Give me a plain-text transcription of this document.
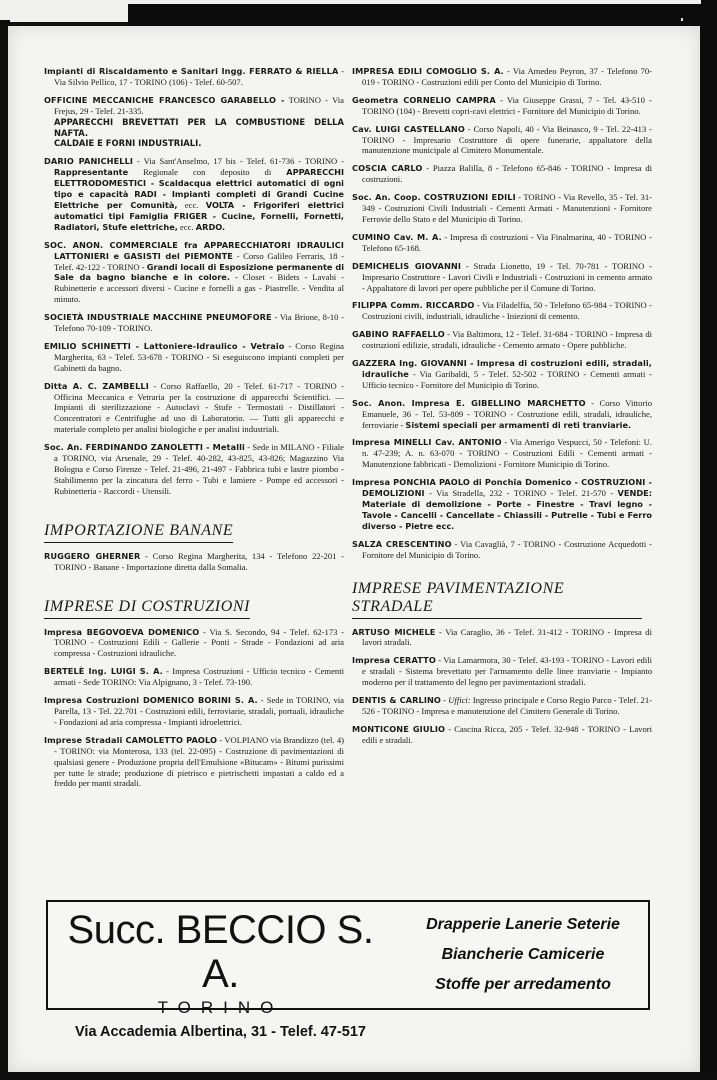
Impianti di Riscaldamento e Sanitari Ingg. FERRATO & RIELLA - Via Silvio Pellico, 17 - TORINO (106) - Telef. 60-507.
OFFICINE MECCANICHE FRANCESCO GARABELLO - TORINO - Via Frejus, 29 - Telef. 21-335.
APPARECCHI BREVETTATI PER LA COMBUSTIONE DELLA NAFTA.
CALDAIE E FORNI INDUSTRIALI.
DARIO PANICHELLI - Via Sant'Anselmo, 17 bis - Telef. 61-736 - TORINO - Rappresentante Regionale con deposito di APPARECCHI ELETTRODOMESTICI - Scaldacqua elettrici automatici di ogni tipo e capacità RADI - Impianti completi di Grandi Cucine Elettriche per Comunità, ecc. VOLTA - Frigoriferi elettrici automatici tipi Famiglia FRIGER - Cucine, Fornelli, Fornetti, Radiatori, Stufe elettriche, ecc. ARDO.
SOC. ANON. COMMERCIALE fra APPARECCHIATORI IDRAULICI LATTONIERI e GASISTI del PIEMONTE - Corso Galileo Ferraris, 18 - Telef. 42-122 - TORINO - Grandi locali di Esposizione permanente di Sale da bagno bianche e in colore. - Closet - Bidets - Lavabi - Rubinetterie e accessori diversi - Cucine e fornelli a gas - Piastrelle. - Vendita al minuto.
SOCIETÀ INDUSTRIALE MACCHINE PNEUMOFORE - Via Brione, 8-10 - Telefono 70-109 - TORINO.
EMILIO SCHINETTI - Lattoniere-Idraulico - Vetraio - Corso Regina Margherita, 63 - Telef. 53-678 - TORINO - Si eseguiscono impianti completi per Gabinetti da bagno.
Ditta A. C. ZAMBELLI - Corso Raffaello, 20 - Telef. 61-717 - TORINO - Officina Meccanica e Vetraria per la costruzione di apparecchi Scientifici. — Impianti di sterilizzazione - Autoclavi - Stufe - Termostati - Distillatori - Concentratori e Centrifughe ad uso di Laboratorio. — Tutti gli apparecchi e materiale completo per analisi biologiche e per analisi industriali.
Soc. An. FERDINANDO ZANOLETTI - Metalli - Sede in MILANO - Filiale a TORINO, via Arsenale, 29 - Telef. 40-282, 43-825, 43-826; Magazzino Via Bologna e Corso Firenze - Telef. 21-496, 21-497 - Fabbrica tubi e lastre piombo - Stabilimento per la zincatura del ferro - Tubi e lamiere - Pompe ed accessori - Rubinetteria - Raccordi - Utensili.
IMPORTAZIONE BANANE
RUGGERO GHERNER - Corso Regina Margherita, 134 - Telefono 22-201 - TORINO - Banane - Importazione diretta dalla Somalia.
IMPRESE DI COSTRUZIONI
Impresa BEGOVOEVA DOMENICO - Via S. Secondo, 94 - Telef. 62-173 - TORINO - Costruzioni Edili - Gallerie - Ponti - Strade - Fondazioni ad aria compressa - Costruzioni idrauliche.
BERTELÈ Ing. LUIGI S. A. - Impresa Costruzioni - Ufficio tecnico - Cementi armati - Sede TORINO: Via Alpignano, 3 - Telef. 73-190.
Impresa Costruzioni DOMENICO BORINI S. A. - Sede in TORINO, via Parella, 13 - Tel. 22.701 - Costruzioni edili, ferroviarie, stradali, portuali, idrauliche - Fondazioni ad aria compressa - Impianti idroelettrici.
Imprese Stradali CAMOLETTO PAOLO - VOLPIANO via Brandizzo (tel. 4) - TORINO: via Monterosa, 133 (tel. 22-095) - Costruzione di pavimentazioni di qualsiasi genere - Produzione propria dell'Emulsione «Bitucam» - Bitumi purissimi per tutte le strade; produzione di pietrisco e pietrischetti impastati a caldo ed a freddo per manti stradali.
IMPRESA EDILI COMOGLIO S. A. - Via Amedeo Peyron, 37 - Telefono 70-019 - TORINO - Costruzioni edili per Conto del Municipio di Torino.
Geometra CORNELIO CAMPRA - Via Giuseppe Grassi, 7 - Tel. 43-510 - TORINO (104) - Brevetti copri-cavi elettrici - Fornitore del Municipio di Torino.
Cav. LUIGI CASTELLANO - Corso Napoli, 40 - Via Beinasco, 9 - Tel. 22-413 - TORINO - Impresario Costruttore di opere funerarie, appaltatore della manutenzione municipale al Cimitero Monumentale.
COSCIA CARLO - Piazza Balilla, 8 - Telefono 65-846 - TORINO - Impresa di costruzioni.
Soc. An. Coop. COSTRUZIONI EDILI - TORINO - Via Revello, 35 - Tel. 31-349 - Costruzioni Civili Industriali - Cementi Armati - Manutenzioni - Fornitore Ferrovie dello Stato e del Municipio di Torino.
CUMINO Cav. M. A. - Impresa di costruzioni - Via Finalmarina, 40 - TORINO - Telefono 65-168.
DEMICHELIS GIOVANNI - Strada Lionetto, 19 - Tel. 70-781 - TORINO - Impresario Costruttore - Lavori Civili e Industriali - Costruzioni in cemento armato - Appaltatore di lavori per opere pubbliche per il Comune di Torino.
FILIPPA Comm. RICCARDO - Via Filadelfia, 50 - Telefono 65-984 - TORINO - Costruzioni civili, industriali, idrauliche - Iniezioni di cemento.
GABINO RAFFAELLO - Via Baltimora, 12 - Telef. 31-684 - TORINO - Impresa di costruzioni edilizie, stradali, idrauliche - Cemento armato - Opere pubbliche.
GAZZERA Ing. GIOVANNI - Impresa di costruzioni edili, stradali, idrauliche - Via Garibaldi, 5 - Telef. 52-502 - TORINO - Cementi armati - Ufficio tecnico - Fornitore del Municipio di Torino.
Soc. Anon. Impresa E. GIBELLINO MARCHETTO - Corso Vittorio Emanuele, 36 - Tel. 53-809 - TORINO - Costruzione edili, stradali, idrauliche, ferroviarie - Sistemi speciali per armamenti di reti tranviarie.
Impresa MINELLI Cav. ANTONIO - Via Amerigo Vespucci, 50 - Telefoni: U. n. 47-239; A. n. 63-070 - TORINO - Costruzioni Edili - Cementi armati - Manutenzione fabbricati - Demolizioni - Fornitore Municipio di Torino.
Impresa PONCHIA PAOLO di Ponchia Domenico - COSTRUZIONI - DEMOLIZIONI - Via Stradella, 232 - TORINO - Telef. 21-570 - VENDE: Materiale di demolizione - Porte - Finestre - Travi legno - Tavole - Cancelli - Cancellate - Chiassili - Putrelle - Tubi e Ferro diverso - Pietre ecc.
SALZA CRESCENTINO - Via Cavaglià, 7 - TORINO - Costruzione Acquedotti - Fornitore del Municipio di Torino.
IMPRESE PAVIMENTAZIONE STRADALE
ARTUSO MICHELE - Via Caraglio, 36 - Telef. 31-412 - TORINO - Impresa di lavori stradali.
Impresa CERATTO - Via Lamarmora, 30 - Telef. 43-193 - TORINO - Lavori edili e stradali - Sistema brevettato per l'armamento delle linee tranviarie - Impianto moderno per il trattamento del legno per pavimentazioni stradali.
DENTIS & CARLINO - Uffici: Ingresso principale e Corso Regio Parco - Telef. 21-526 - TORINO - Impresa e manutenzione del Cimitero Generale di Torino.
MONTICONE GIULIO - Cascina Ricca, 205 - Telef. 32-948 - TORINO - Lavori edili e stradali.
Succ. BECCIO S. A.
TORINO
Via Accademia Albertina, 31 - Telef. 47-517
Drapperie Lanerie Seterie
Biancherie Camicerie
Stoffe per arredamento
